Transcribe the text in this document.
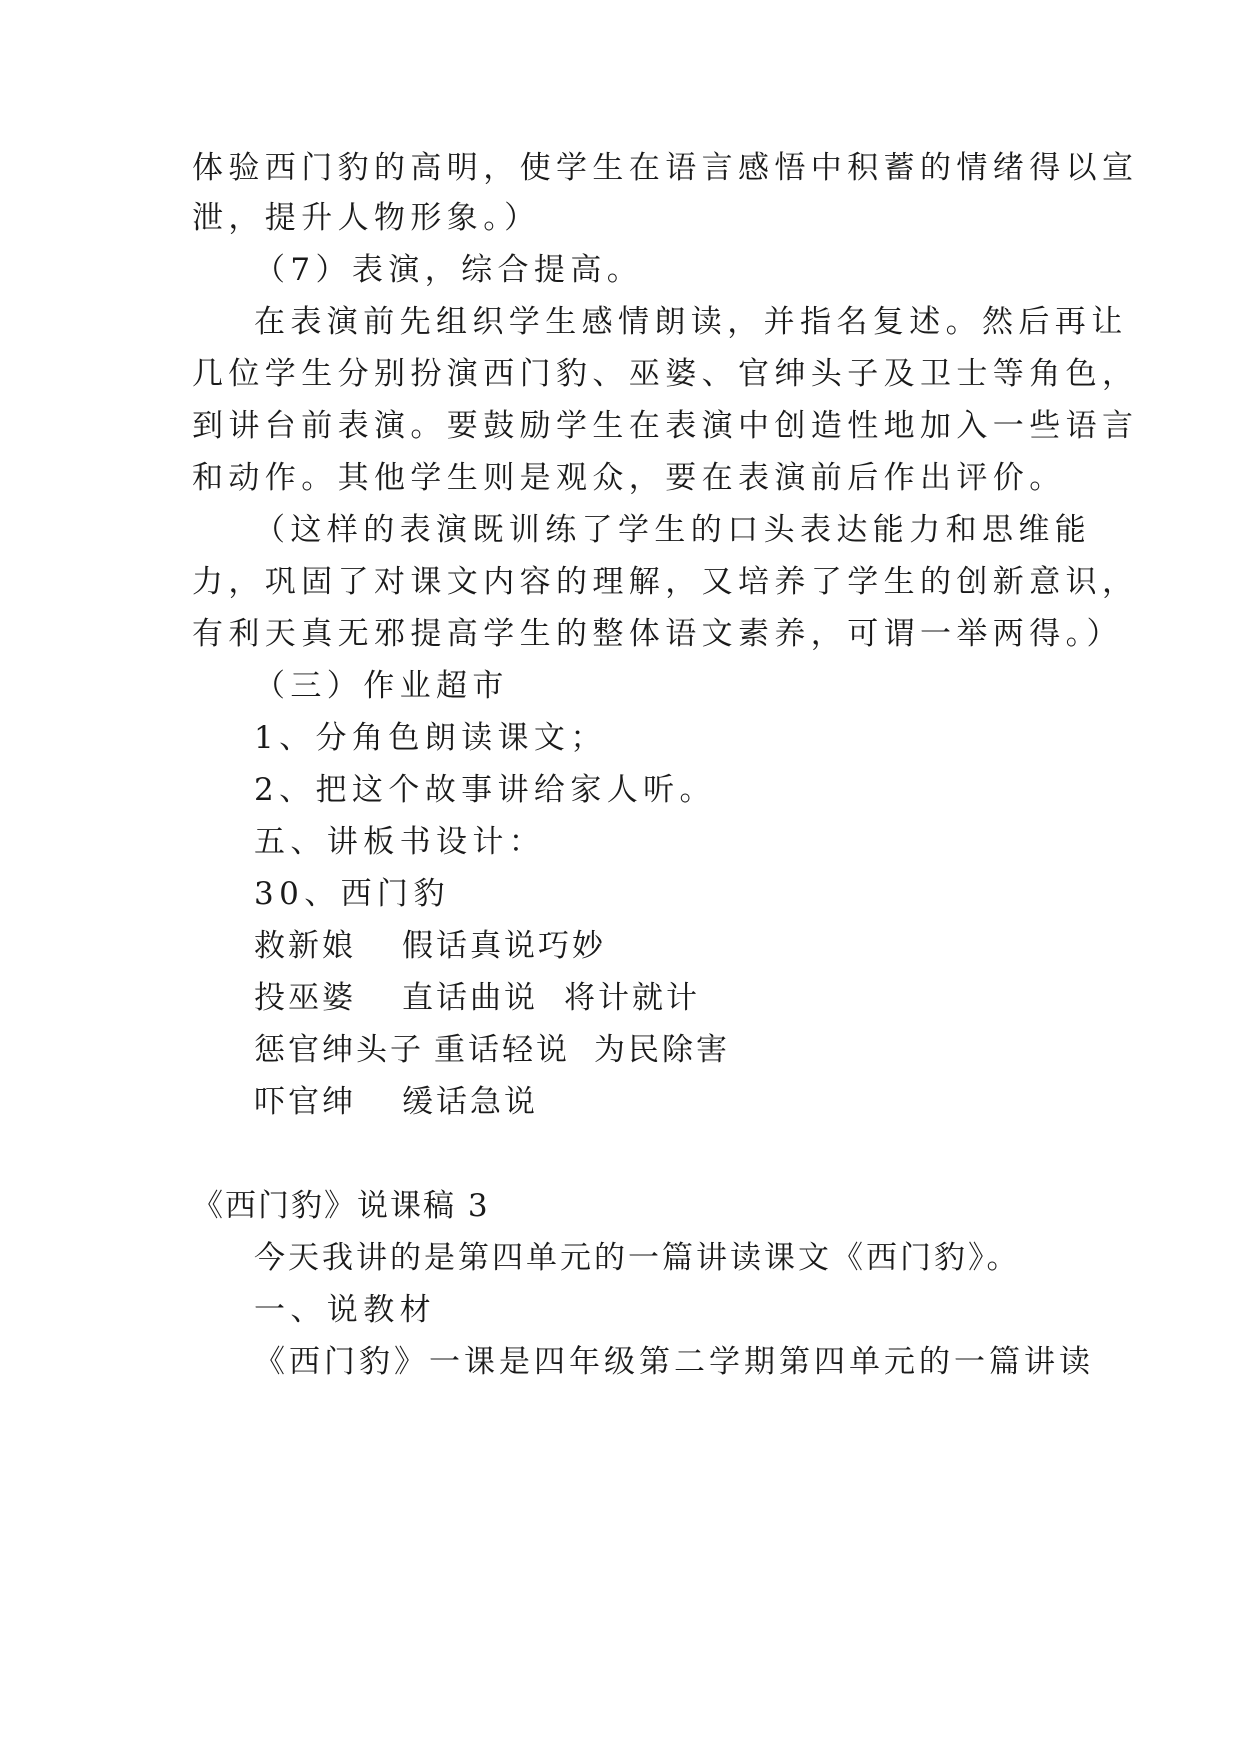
体验西门豹的高明，使学生在语言感悟中积蓄的情绪得以宣
泄，提升人物形象。）
（7）表演，综合提高。
在表演前先组织学生感情朗读，并指名复述。然后再让
几位学生分别扮演西门豹、巫婆、官绅头子及卫士等角色，
到讲台前表演。要鼓励学生在表演中创造性地加入一些语言
和动作。其他学生则是观众，要在表演前后作出评价。
（这样的表演既训练了学生的口头表达能力和思维能
力，巩固了对课文内容的理解，又培养了学生的创新意识，
有利天真无邪提高学生的整体语文素养，可谓一举两得。）
（三）作业超市
1、分角色朗读课文；
2、把这个故事讲给家人听。
五、讲板书设计：
30、西门豹
救新娘 假话真说巧妙
投巫婆 直话曲说 将计就计
惩官绅头子 重话轻说 为民除害
吓官绅 缓话急说
《西门豹》说课稿 3
今天我讲的是第四单元的一篇讲读课文《西门豹》。
一、说教材
《西门豹》一课是四年级第二学期第四单元的一篇讲读
